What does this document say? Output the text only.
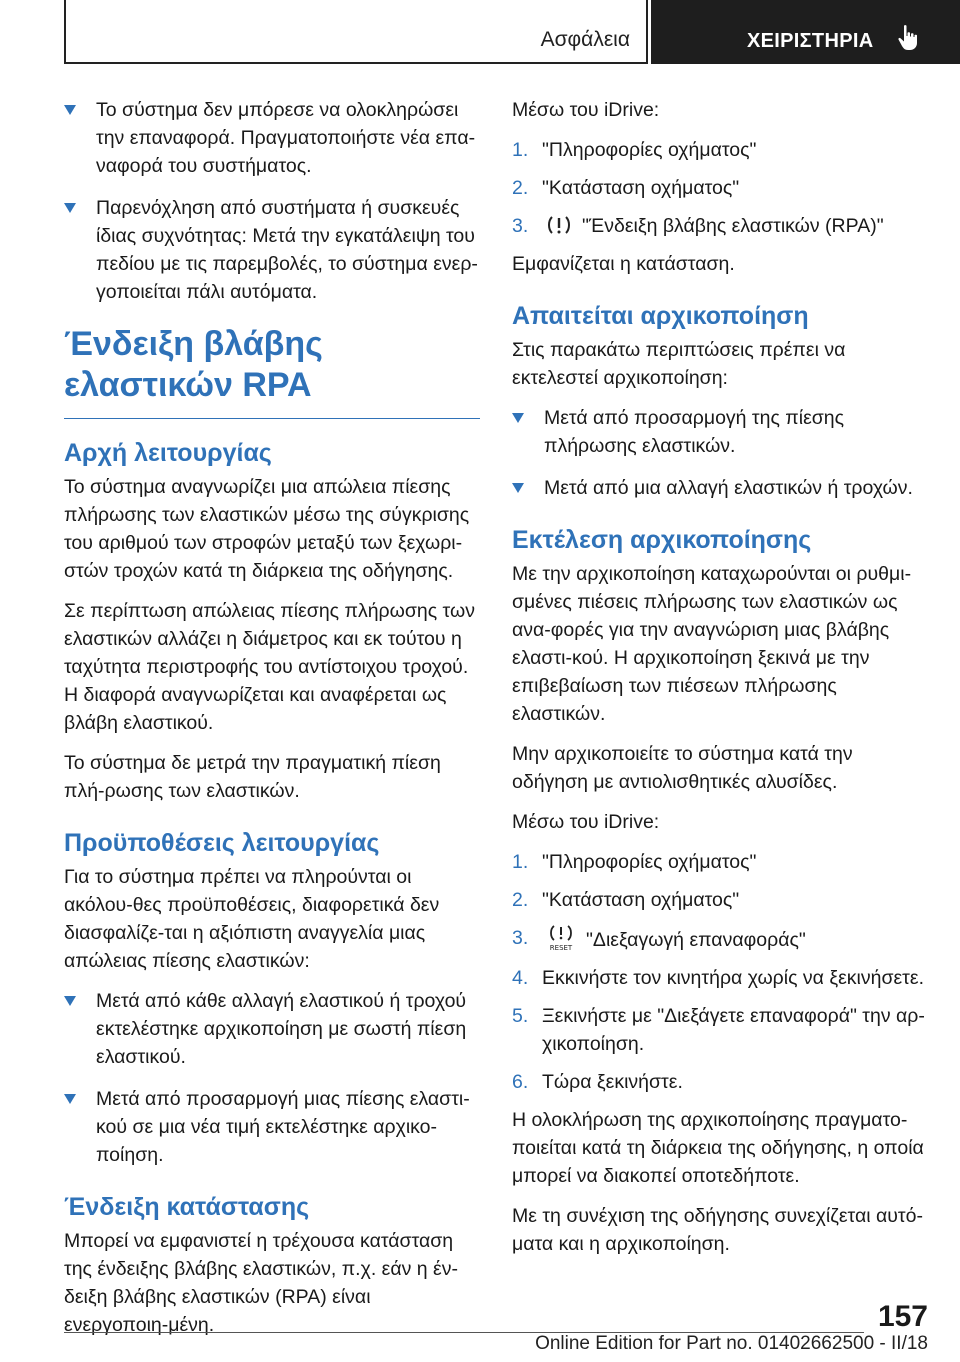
Ασφάλεια	ΧΕΙΡΙΣΤΗΡΙΑ
Το σύστημα δεν μπόρεσε να ολοκληρώσει την επαναφορά. Πραγματοποιήστε νέα επα-ναφορά του συστήματος.
Παρενόχληση από συστήματα ή συσκευές ίδιας συχνότητας: Μετά την εγκατάλειψη του πεδίου με τις παρεμβολές, το σύστημα ενερ-γοποιείται πάλι αυτόματα.
Ένδειξη βλάβης ελαστικών RPA
Αρχή λειτουργίας

Το σύστημα αναγνωρίζει μια απώλεια πίεσης πλήρωσης των ελαστικών μέσω της σύγκρισης του αριθμού των στροφών μεταξύ των ξεχωρι-στών τροχών κατά τη διάρκεια της οδήγησης.

Σε περίπτωση απώλειας πίεσης πλήρωσης των ελαστικών αλλάζει η διάμετρος και εκ τούτου η ταχύτητα περιστροφής του αντίστοιχου τροχού. Η διαφορά αναγνωρίζεται και αναφέρεται ως βλάβη ελαστικού.

Το σύστημα δε μετρά την πραγματική πίεση πλή-ρωσης των ελαστικών.

Προϋποθέσεις λειτουργίας

Για το σύστημα πρέπει να πληρούνται οι ακόλου-θες προϋποθέσεις, διαφορετικά δεν διασφαλίζε-ται η αξιόπιστη αναγγελία μιας απώλειας πίεσης ελαστικών:

Μετά από κάθε αλλαγή ελαστικού ή τροχού εκτελέστηκε αρχικοποίηση με σωστή πίεση ελαστικού.
Μετά από προσαρμογή μιας πίεσης ελαστι-κού σε μια νέα τιμή εκτελέστηκε αρχικο-ποίηση.
Ένδειξη κατάστασης

Μπορεί να εμφανιστεί η τρέχουσα κατάσταση της ένδειξης βλάβης ελαστικών, π.χ. εάν η έν-δειξη βλάβης ελαστικών (RPA) είναι ενεργοποιη-μένη.

Μέσω του iDrive:

1. "Πληροφορίες οχήματος"
2. "Κατάσταση οχήματος"
3.	"Ένδειξη βλάβης ελαστικών (RPA)"

Εμφανίζεται η κατάσταση.

Απαιτείται αρχικοποίηση

Στις παρακάτω περιπτώσεις πρέπει να εκτελεστεί αρχικοποίηση:

Μετά από προσαρμογή της πίεσης πλήρωσης ελαστικών.
Μετά από μια αλλαγή ελαστικών ή τροχών.
Εκτέλεση αρχικοποίησης

Με την αρχικοποίηση καταχωρούνται οι ρυθμι-σμένες πιέσεις πλήρωσης των ελαστικών ως ανα-φορές για την αναγνώριση μιας βλάβης ελαστι-κού. Η αρχικοποίηση ξεκινά με την επιβεβαίωση των πιέσεων πλήρωσης ελαστικών.

Μην αρχικοποιείτε το σύστημα κατά την οδήγηση με αντιολισθητικές αλυσίδες.

Μέσω του iDrive:

1. "Πληροφορίες οχήματος"
2. "Κατάσταση οχήματος"
3.	RESET "Διεξαγωγή επαναφοράς"
4. Εκκινήστε τον κινητήρα χωρίς να ξεκινήσετε.
5. Ξεκινήστε με "Διεξάγετε επαναφορά" την αρ-χικοποίηση.
6. Τώρα ξεκινήστε.

Η ολοκλήρωση της αρχικοποίησης πραγματο-ποιείται κατά τη διάρκεια της οδήγησης, η οποία μπορεί να διακοπεί οποτεδήποτε.

Με τη συνέχιση της οδήγησης συνεχίζεται αυτό-ματα και η αρχικοποίηση.

157
Online Edition for Part no. 01402662500 - II/18
